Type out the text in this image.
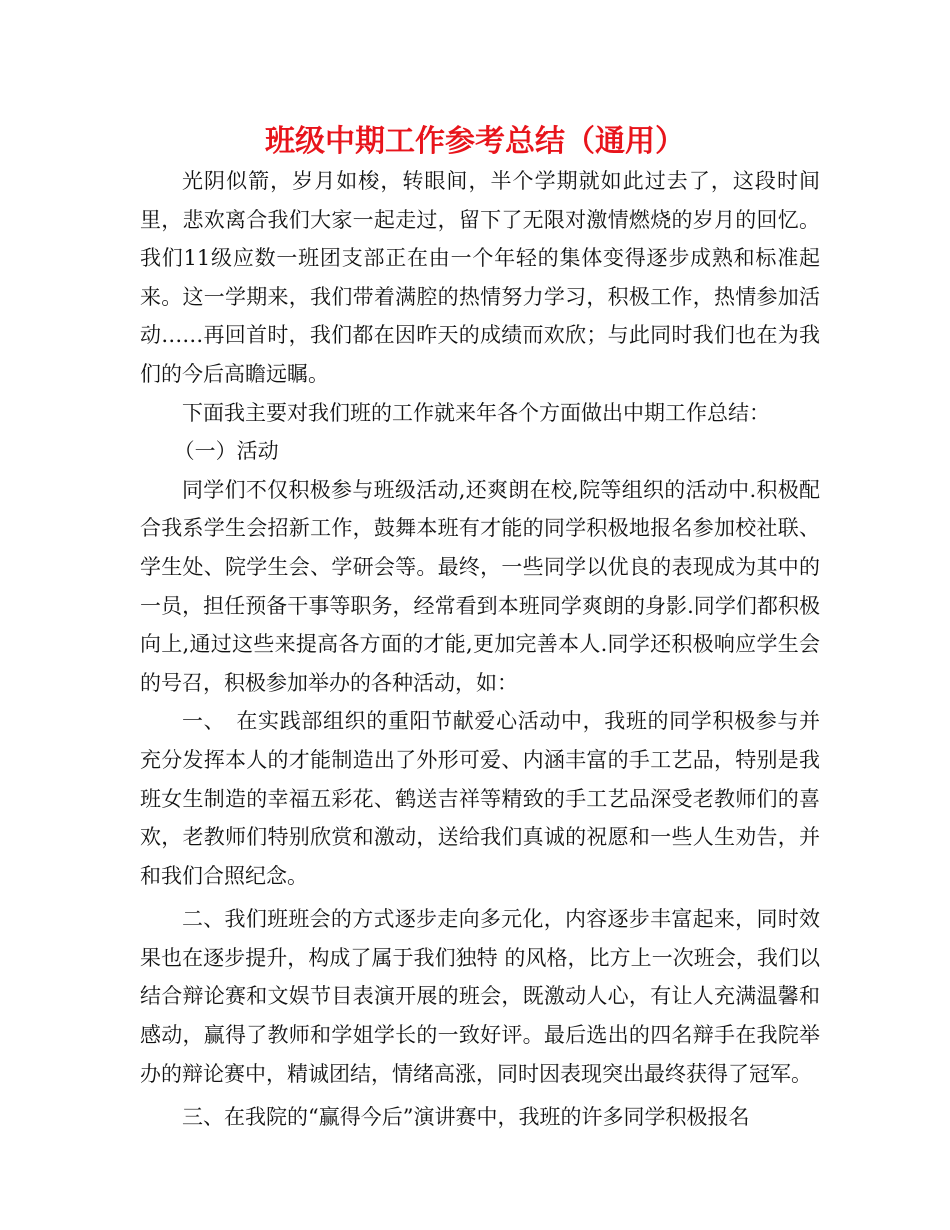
班级中期工作参考总结（通用）

光阴似箭，岁月如梭，转眼间，半个学期就如此过去了，这段时间里，悲欢离合我们大家一起走过，留下了无限对激情燃烧的岁月的回忆。我们11级应数一班团支部正在由一个年轻的集体变得逐步成熟和标准起来。这一学期来，我们带着满腔的热情努力学习，积极工作，热情参加活动……再回首时，我们都在因昨天的成绩而欢欣；与此同时我们也在为我们的今后高瞻远瞩。

下面我主要对我们班的工作就来年各个方面做出中期工作总结：

（一）活动

同学们不仅积极参与班级活动,还爽朗在校,院等组织的活动中.积极配合我系学生会招新工作，鼓舞本班有才能的同学积极地报名参加校社联、学生处、院学生会、学研会等。最终，一些同学以优良的表现成为其中的一员，担任预备干事等职务，经常看到本班同学爽朗的身影.同学们都积极向上,通过这些来提高各方面的才能,更加完善本人.同学还积极响应学生会的号召，积极参加举办的各种活动，如：

一、　在实践部组织的重阳节献爱心活动中，我班的同学积极参与并充分发挥本人的才能制造出了外形可爱、内涵丰富的手工艺品，特别是我班女生制造的幸福五彩花、鹤送吉祥等精致的手工艺品深受老教师们的喜欢，老教师们特别欣赏和激动，送给我们真诚的祝愿和一些人生劝告，并和我们合照纪念。

二、我们班班会的方式逐步走向多元化，内容逐步丰富起来，同时效果也在逐步提升，构成了属于我们独特 的风格，比方上一次班会，我们以结合辩论赛和文娱节目表演开展的班会，既激动人心，有让人充满温馨和感动，赢得了教师和学姐学长的一致好评。最后选出的四名辩手在我院举办的辩论赛中，精诚团结，情绪高涨，同时因表现突出最终获得了冠军。

三、在我院的“赢得今后”演讲赛中，我班的许多同学积极报名
